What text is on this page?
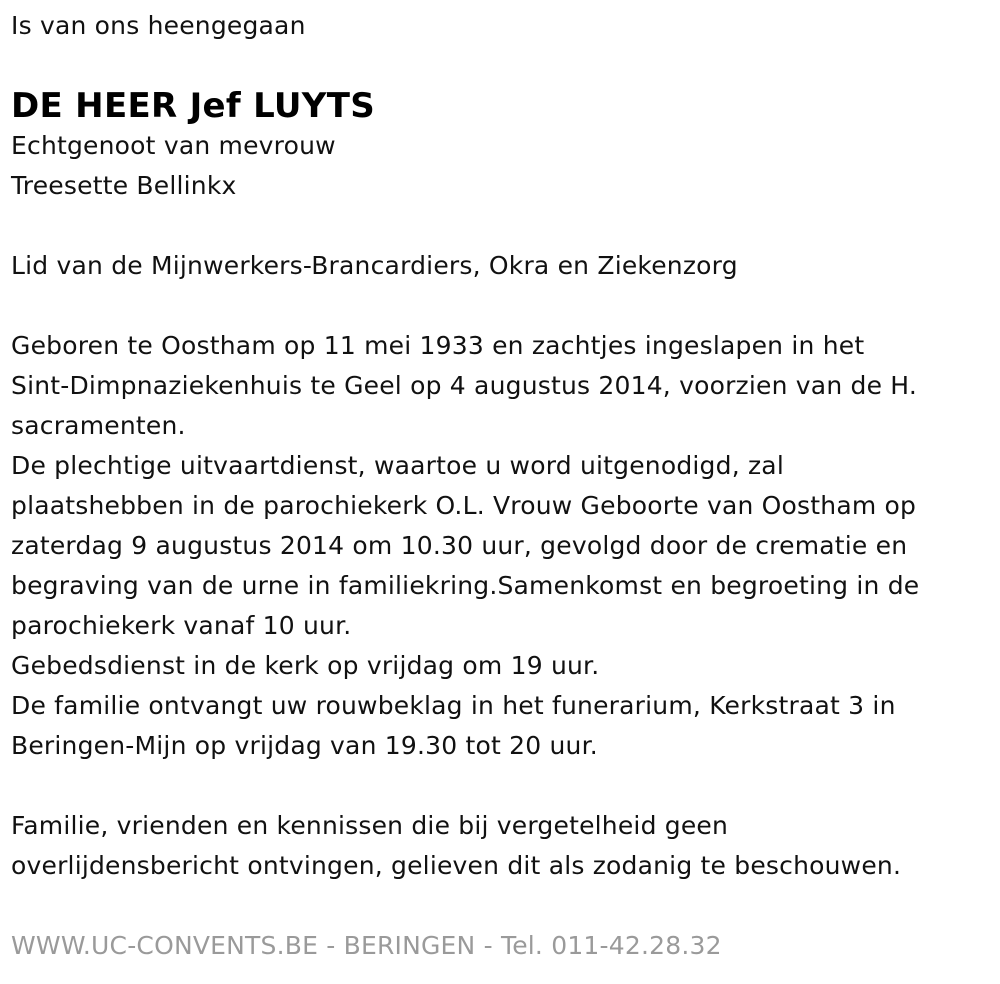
Is van ons heengegaan
DE HEER Jef LUYTS
Echtgenoot van mevrouw
Treesette Bellinkx
Lid van de Mijnwerkers-Brancardiers, Okra en Ziekenzorg
Geboren te Oostham op 11 mei 1933 en zachtjes ingeslapen in het
Sint-Dimpnaziekenhuis te Geel op 4 augustus 2014, voorzien van de H.
sacramenten.
De plechtige uitvaartdienst, waartoe u word uitgenodigd, zal
plaatshebben in de parochiekerk O.L. Vrouw Geboorte van Oostham op
zaterdag 9 augustus 2014 om 10.30 uur, gevolgd door de crematie en
begraving van de urne in familiekring.Samenkomst en begroeting in de
parochiekerk vanaf 10 uur.
Gebedsdienst in de kerk op vrijdag om 19 uur.
De familie ontvangt uw rouwbeklag in het funerarium, Kerkstraat 3 in
Beringen-Mijn op vrijdag van 19.30 tot 20 uur.
Familie, vrienden en kennissen die bij vergetelheid geen
overlijdensbericht ontvingen, gelieven dit als zodanig te beschouwen.
WWW.UC-CONVENTS.BE - BERINGEN - Tel. 011-42.28.32
